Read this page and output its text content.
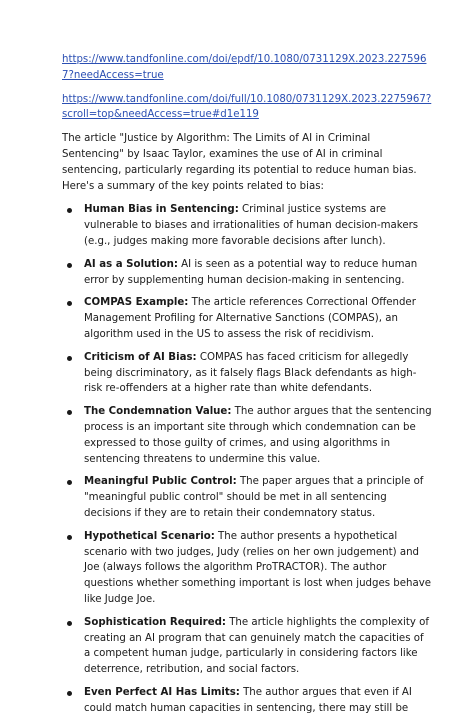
https://www.tandfonline.com/doi/epdf/10.1080/0731129X.2023.2275967?needAccess=true
https://www.tandfonline.com/doi/full/10.1080/0731129X.2023.2275967?scroll=top&needAccess=true#d1e119

The article "Justice by Algorithm: The Limits of AI in Criminal Sentencing" by Isaac Taylor, examines the use of AI in criminal sentencing, particularly regarding its potential to reduce human bias. Here's a summary of the key points related to bias:

Human Bias in Sentencing: Criminal justice systems are vulnerable to biases and irrationalities of human decision-makers (e.g., judges making more favorable decisions after lunch).
AI as a Solution: AI is seen as a potential way to reduce human error by supplementing human decision-making in sentencing.
COMPAS Example: The article references Correctional Offender Management Profiling for Alternative Sanctions (COMPAS), an algorithm used in the US to assess the risk of recidivism.
Criticism of AI Bias: COMPAS has faced criticism for allegedly being discriminatory, as it falsely flags Black defendants as high-risk re-offenders at a higher rate than white defendants.
The Condemnation Value: The author argues that the sentencing process is an important site through which condemnation can be expressed to those guilty of crimes, and using algorithms in sentencing threatens to undermine this value.
Meaningful Public Control: The paper argues that a principle of "meaningful public control" should be met in all sentencing decisions if they are to retain their condemnatory status.
Hypothetical Scenario: The author presents a hypothetical scenario with two judges, Judy (relies on her own judgement) and Joe (always follows the algorithm ProTRACTOR). The author questions whether something important is lost when judges behave like Judge Joe.
Sophistication Required: The article highlights the complexity of creating an AI program that can genuinely match the capacities of a competent human judge, particularly in considering factors like deterrence, retribution, and social factors.
Even Perfect AI Has Limits: The author argues that even if AI could match human capacities in sentencing, there may still be
